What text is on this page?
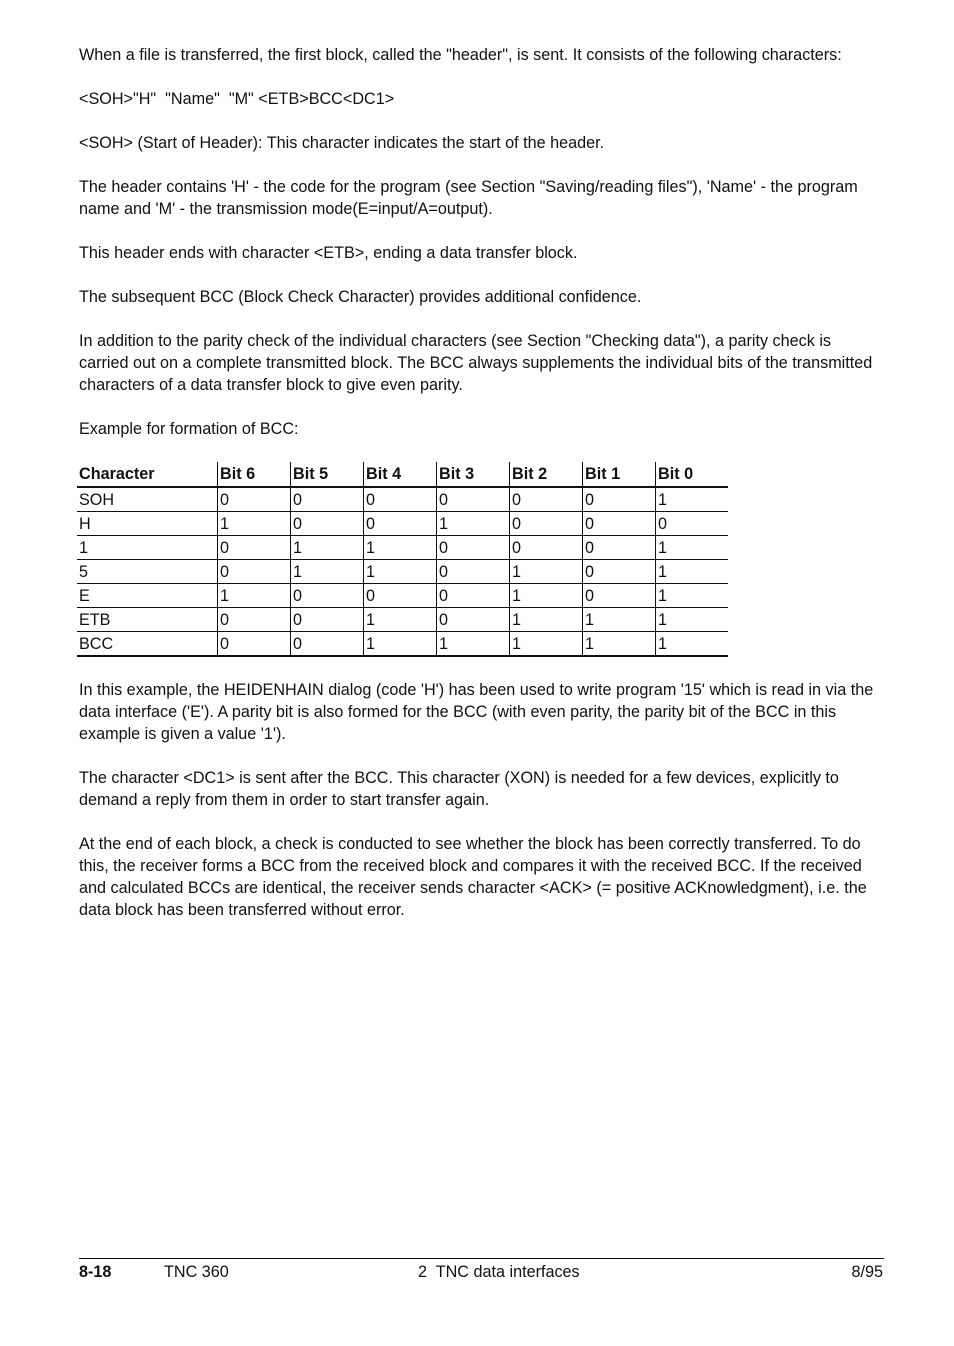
When a file is transferred, the first block, called the "header", is sent. It consists of the following characters:

<SOH>"H"  "Name"  "M" <ETB>BCC<DC1>

<SOH> (Start of Header): This character indicates the start of the header.

The header contains 'H' - the code for the program (see Section "Saving/reading files"), 'Name' - the program name and 'M' - the transmission mode(E=input/A=output).

This header ends with character <ETB>, ending a data transfer block.

The subsequent BCC (Block Check Character) provides additional confidence.

In addition to the parity check of the individual characters (see Section "Checking data"), a parity check is carried out on a complete transmitted block. The BCC always supplements the individual bits of the transmitted characters of a data transfer block to give even parity.

Example for formation of BCC:

Character	Bit 6	Bit 5	Bit 4	Bit 3	Bit 2	Bit 1	Bit 0
SOH	0	0	0	0	0	0	1
H	1	0	0	1	0	0	0
1	0	1	1	0	0	0	1
5	0	1	1	0	1	0	1
E	1	0	0	0	1	0	1
ETB	0	0	1	0	1	1	1
BCC	0	0	1	1	1	1	1

In this example, the HEIDENHAIN dialog (code 'H') has been used to write program '15' which is read in via the data interface ('E'). A parity bit is also formed for the BCC (with even parity, the parity bit of the BCC in this example is given a value '1').

The character <DC1> is sent after the BCC. This character (XON) is needed for a few devices, explicitly to demand a reply from them in order to start transfer again.

At the end of each block, a check is conducted to see whether the block has been correctly transferred. To do this, the receiver forms a BCC from the received block and compares it with the received BCC. If the received and calculated BCCs are identical, the receiver sends character <ACK> (= positive ACKnowledgment), i.e. the data block has been transferred without error.

8-18	TNC 360	2  TNC data interfaces	8/95
